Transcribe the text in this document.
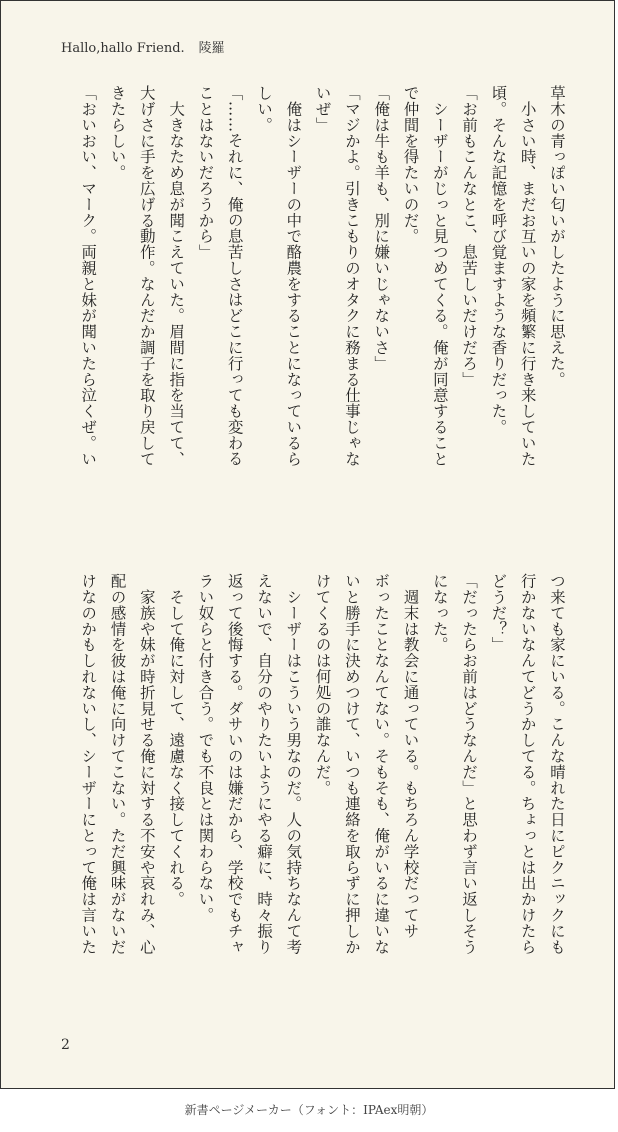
Hallo,hallo Friend. 陵羅
草木の青っぽい匂いがしたように思えた。
　小さい時、まだお互いの家を頻繁に行き来していた
頃。そんな記憶を呼び覚ますような香りだった。
「お前もこんなとこ、息苦しいだけだろ」
　シーザーがじっと見つめてくる。俺が同意すること
で仲間を得たいのだ。
「俺は牛も羊も、別に嫌いじゃないさ」
「マジかよ。引きこもりのオタクに務まる仕事じゃな
いぜ」
　俺はシーザーの中で酪農をすることになっているら
しい。
「……それに、俺の息苦しさはどこに行っても変わる
ことはないだろうから」
　大きなため息が聞こえていた。眉間に指を当てて、
大げさに手を広げる動作。なんだか調子を取り戻して
きたらしい。
「おいおい、マーク。両親と妹が聞いたら泣くぜ。い
つ来ても家にいる。こんな晴れた日にピクニックにも
行かないなんてどうかしてる。ちょっとは出かけたら
どうだ？」
「だったらお前はどうなんだ」と思わず言い返しそう
になった。
　週末は教会に通っている。もちろん学校だってサ
ボったことなんてない。そもそも、俺がいるに違いな
いと勝手に決めつけて、いつも連絡を取らずに押しか
けてくるのは何処の誰なんだ。
　シーザーはこういう男なのだ。人の気持ちなんて考
えないで、自分のやりたいようにやる癖に、時々振り
返って後悔する。ダサいのは嫌だから、学校でもチャ
ラい奴らと付き合う。でも不良とは関わらない。
　そして俺に対して、遠慮なく接してくれる。
　家族や妹が時折見せる俺に対する不安や哀れみ、心
配の感情を彼は俺に向けてこない。ただ興味がないだ
けなのかもしれないし、シーザーにとって俺は言いた
2
新書ページメーカー（フォント：IPAex明朝）
